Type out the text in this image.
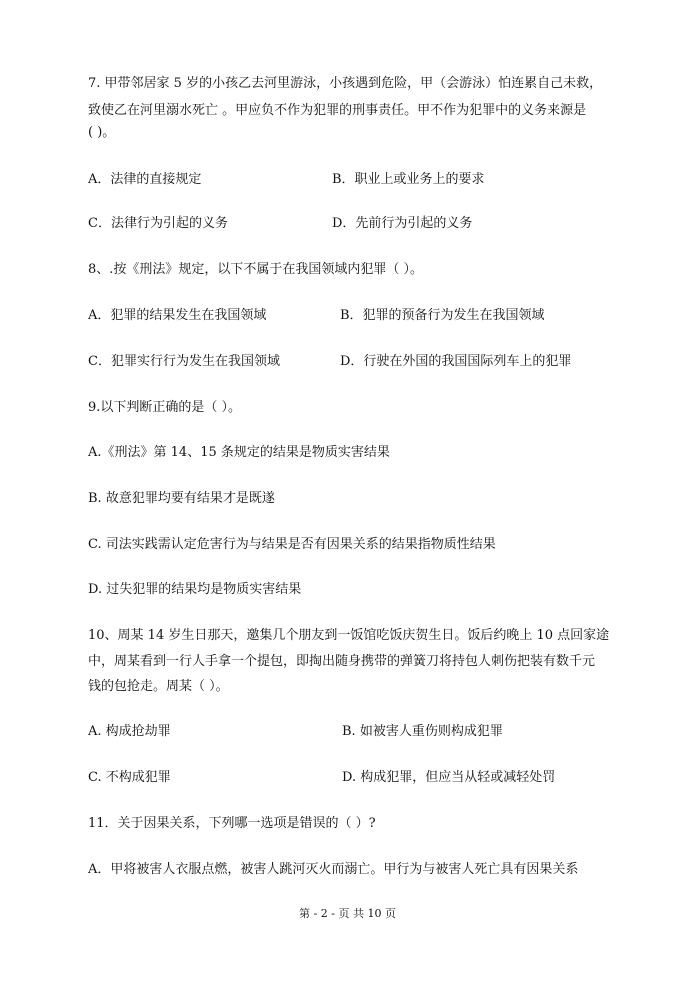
7. 甲带邻居家 5 岁的小孩乙去河里游泳，小孩遇到危险，甲（会游泳）怕连累自己未救，
致使乙在河里溺水死亡 。甲应负不作为犯罪的刑事责任。甲不作为犯罪中的义务来源是
( )。
A．法律的直接规定	B．职业上或业务上的要求
C．法律行为引起的义务	D．先前行为引起的义务
8、.按《刑法》规定，以下不属于在我国领域内犯罪（ ）。
A．犯罪的结果发生在我国领域	B．犯罪的预备行为发生在我国领域
C．犯罪实行行为发生在我国领域	D．行驶在外国的我国国际列车上的犯罪
9.以下判断正确的是（ ）。
A.《刑法》第 14、15 条规定的结果是物质实害结果
B. 故意犯罪均要有结果才是既遂
C. 司法实践需认定危害行为与结果是否有因果关系的结果指物质性结果
D. 过失犯罪的结果均是物质实害结果
10、周某 14 岁生日那天，邀集几个朋友到一饭馆吃饭庆贺生日。饭后约晚上 10 点回家途
中，周某看到一行人手拿一个提包，即掏出随身携带的弹簧刀将持包人刺伤把装有数千元
钱的包抢走。周某（ ）。
A. 构成抢劫罪	B. 如被害人重伤则构成犯罪
C. 不构成犯罪	D. 构成犯罪，但应当从轻或减轻处罚
11．关于因果关系，下列哪一选项是错误的（ ）?
A．甲将被害人衣服点燃，被害人跳河灭火而溺亡。甲行为与被害人死亡具有因果关系
第 - 2 - 页 共 10 页
